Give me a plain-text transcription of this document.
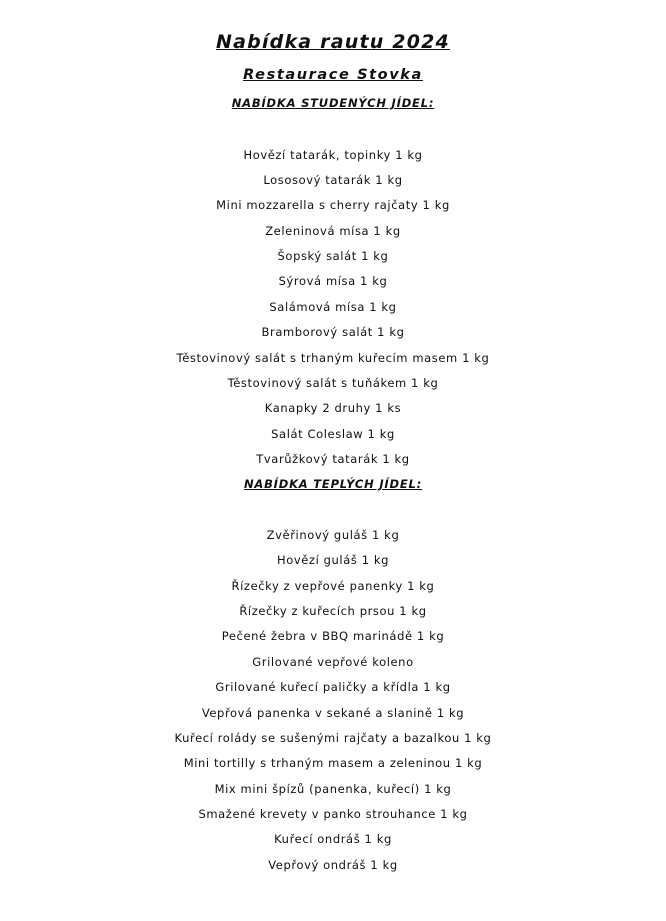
Nabídka rautu 2024
Restaurace Stovka
NABÍDKA STUDENÝCH JÍDEL:
Hovězí tatarák, topinky 1 kg
Lososový tatarák 1 kg
Mini mozzarella s cherry rajčaty 1 kg
Zeleninová mísa 1 kg
Šopský salát 1 kg
Sýrová mísa 1 kg
Salámová mísa 1 kg
Bramborový salát 1 kg
Těstovinový salát s trhaným kuřecím masem 1 kg
Těstovinový salát s tuňákem 1 kg
Kanapky 2 druhy 1 ks
Salát Coleslaw 1 kg
Tvarůžkový tatarák 1 kg
NABÍDKA TEPLÝCH JÍDEL:
Zvěřinový guláš 1 kg
Hovězí guláš 1 kg
Řízečky z vepřové panenky 1 kg
Řízečky z kuřecích prsou 1 kg
Pečené žebra v BBQ marinádě 1 kg
Grilované vepřové koleno
Grilované kuřecí paličky a křídla 1 kg
Vepřová panenka v sekané a slanině 1 kg
Kuřecí rolády se sušenými rajčaty a bazalkou 1 kg
Mini tortilly s trhaným masem a zeleninou 1 kg
Mix mini špízů (panenka, kuřecí) 1 kg
Smažené krevety v panko strouhance 1 kg
Kuřecí ondráš 1 kg
Vepřový ondráš 1 kg
